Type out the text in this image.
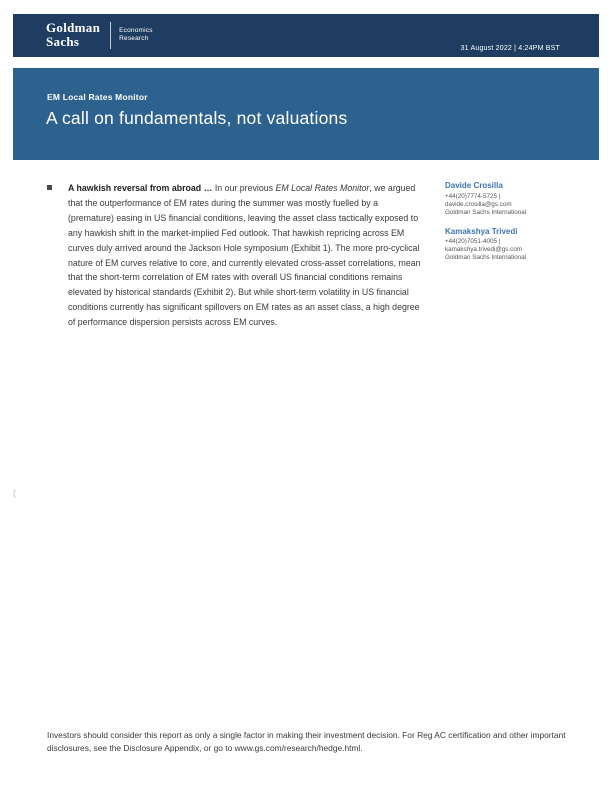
Goldman
Sachs
Economics
Research
31 August 2022 | 4:24PM BST
EM Local Rates Monitor
A call on fundamentals, not valuations

A hawkish reversal from abroad … In our previous EM Local Rates Monitor, we argued that the outperformance of EM rates during the summer was mostly fuelled by a (premature) easing in US financial conditions, leaving the asset class tactically exposed to any hawkish shift in the market-implied Fed outlook. That hawkish repricing across EM curves duly arrived around the Jackson Hole symposium (Exhibit 1). The more pro-cyclical nature of EM curves relative to core, and currently elevated cross-asset correlations, mean that the short-term correlation of EM rates with overall US financial conditions remains elevated by historical standards (Exhibit 2). But while short-term volatility in US financial conditions currently has significant spillovers on EM rates as an asset class, a high degree of performance dispersion persists across EM curves.

Davide Crosilla
+44(20)7774-5725 |
davide.crosilla@gs.com
Goldman Sachs International
Kamakshya Trivedi
+44(20)7051-4005 |
kamakshya.trivedi@gs.com
Goldman Sachs International
(
Investors should consider this report as only a single factor in making their investment decision. For Reg AC certification and other important disclosures, see the Disclosure Appendix, or go to www.gs.com/research/hedge.html.
